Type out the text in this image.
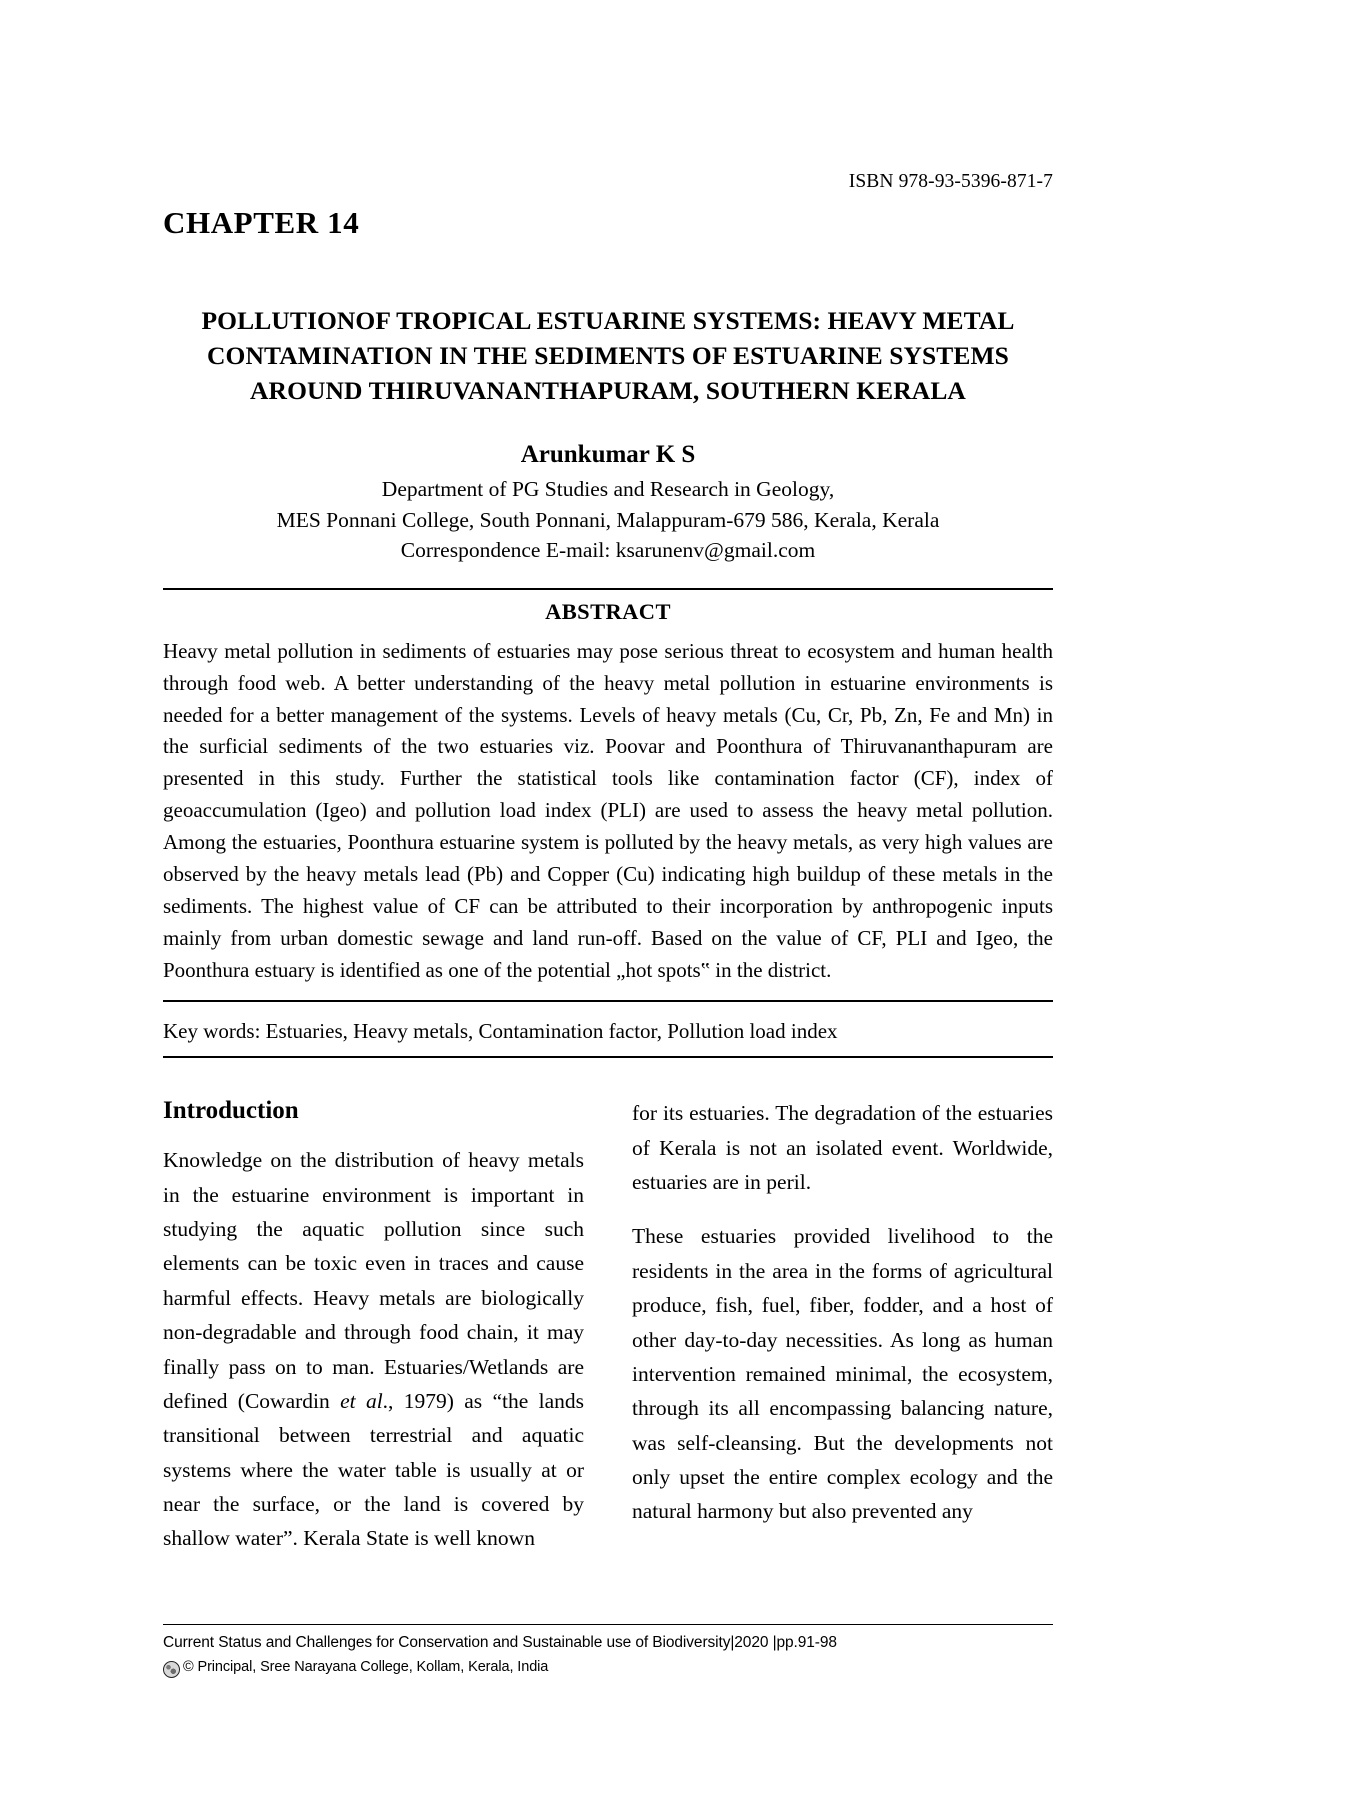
ISBN 978-93-5396-871-7
CHAPTER 14
POLLUTIONOF TROPICAL ESTUARINE SYSTEMS: HEAVY METAL CONTAMINATION IN THE SEDIMENTS OF ESTUARINE SYSTEMS AROUND THIRUVANANTHAPURAM, SOUTHERN KERALA
Arunkumar K S
Department of PG Studies and Research in Geology,
MES Ponnani College, South Ponnani, Malappuram-679 586, Kerala, Kerala
Correspondence E-mail: ksarunenv@gmail.com
ABSTRACT
Heavy metal pollution in sediments of estuaries may pose serious threat to ecosystem and human health through food web. A better understanding of the heavy metal pollution in estuarine environments is needed for a better management of the systems. Levels of heavy metals (Cu, Cr, Pb, Zn, Fe and Mn) in the surficial sediments of the two estuaries viz. Poovar and Poonthura of Thiruvananthapuram are presented in this study. Further the statistical tools like contamination factor (CF), index of geoaccumulation (Igeo) and pollution load index (PLI) are used to assess the heavy metal pollution. Among the estuaries, Poonthura estuarine system is polluted by the heavy metals, as very high values are observed by the heavy metals lead (Pb) and Copper (Cu) indicating high buildup of these metals in the sediments. The highest value of CF can be attributed to their incorporation by anthropogenic inputs mainly from urban domestic sewage and land run-off. Based on the value of CF, PLI and Igeo, the Poonthura estuary is identified as one of the potential „hot spots‟ in the district.
Key words: Estuaries, Heavy metals, Contamination factor, Pollution load index
Introduction

Knowledge on the distribution of heavy metals in the estuarine environment is important in studying the aquatic pollution since such elements can be toxic even in traces and cause harmful effects. Heavy metals are biologically non-degradable and through food chain, it may finally pass on to man. Estuaries/Wetlands are defined (Cowardin et al., 1979) as “the lands transitional between terrestrial and aquatic systems where the water table is usually at or near the surface, or the land is covered by shallow water”. Kerala State is well known

for its estuaries. The degradation of the estuaries of Kerala is not an isolated event. Worldwide, estuaries are in peril.

These estuaries provided livelihood to the residents in the area in the forms of agricultural produce, fish, fuel, fiber, fodder, and a host of other day-to-day necessities. As long as human intervention remained minimal, the ecosystem, through its all encompassing balancing nature, was self-cleansing. But the developments not only upset the entire complex ecology and the natural harmony but also prevented any

Current Status and Challenges for Conservation and Sustainable use of Biodiversity|2020 |pp.91-98
© Principal, Sree Narayana College, Kollam, Kerala, India
